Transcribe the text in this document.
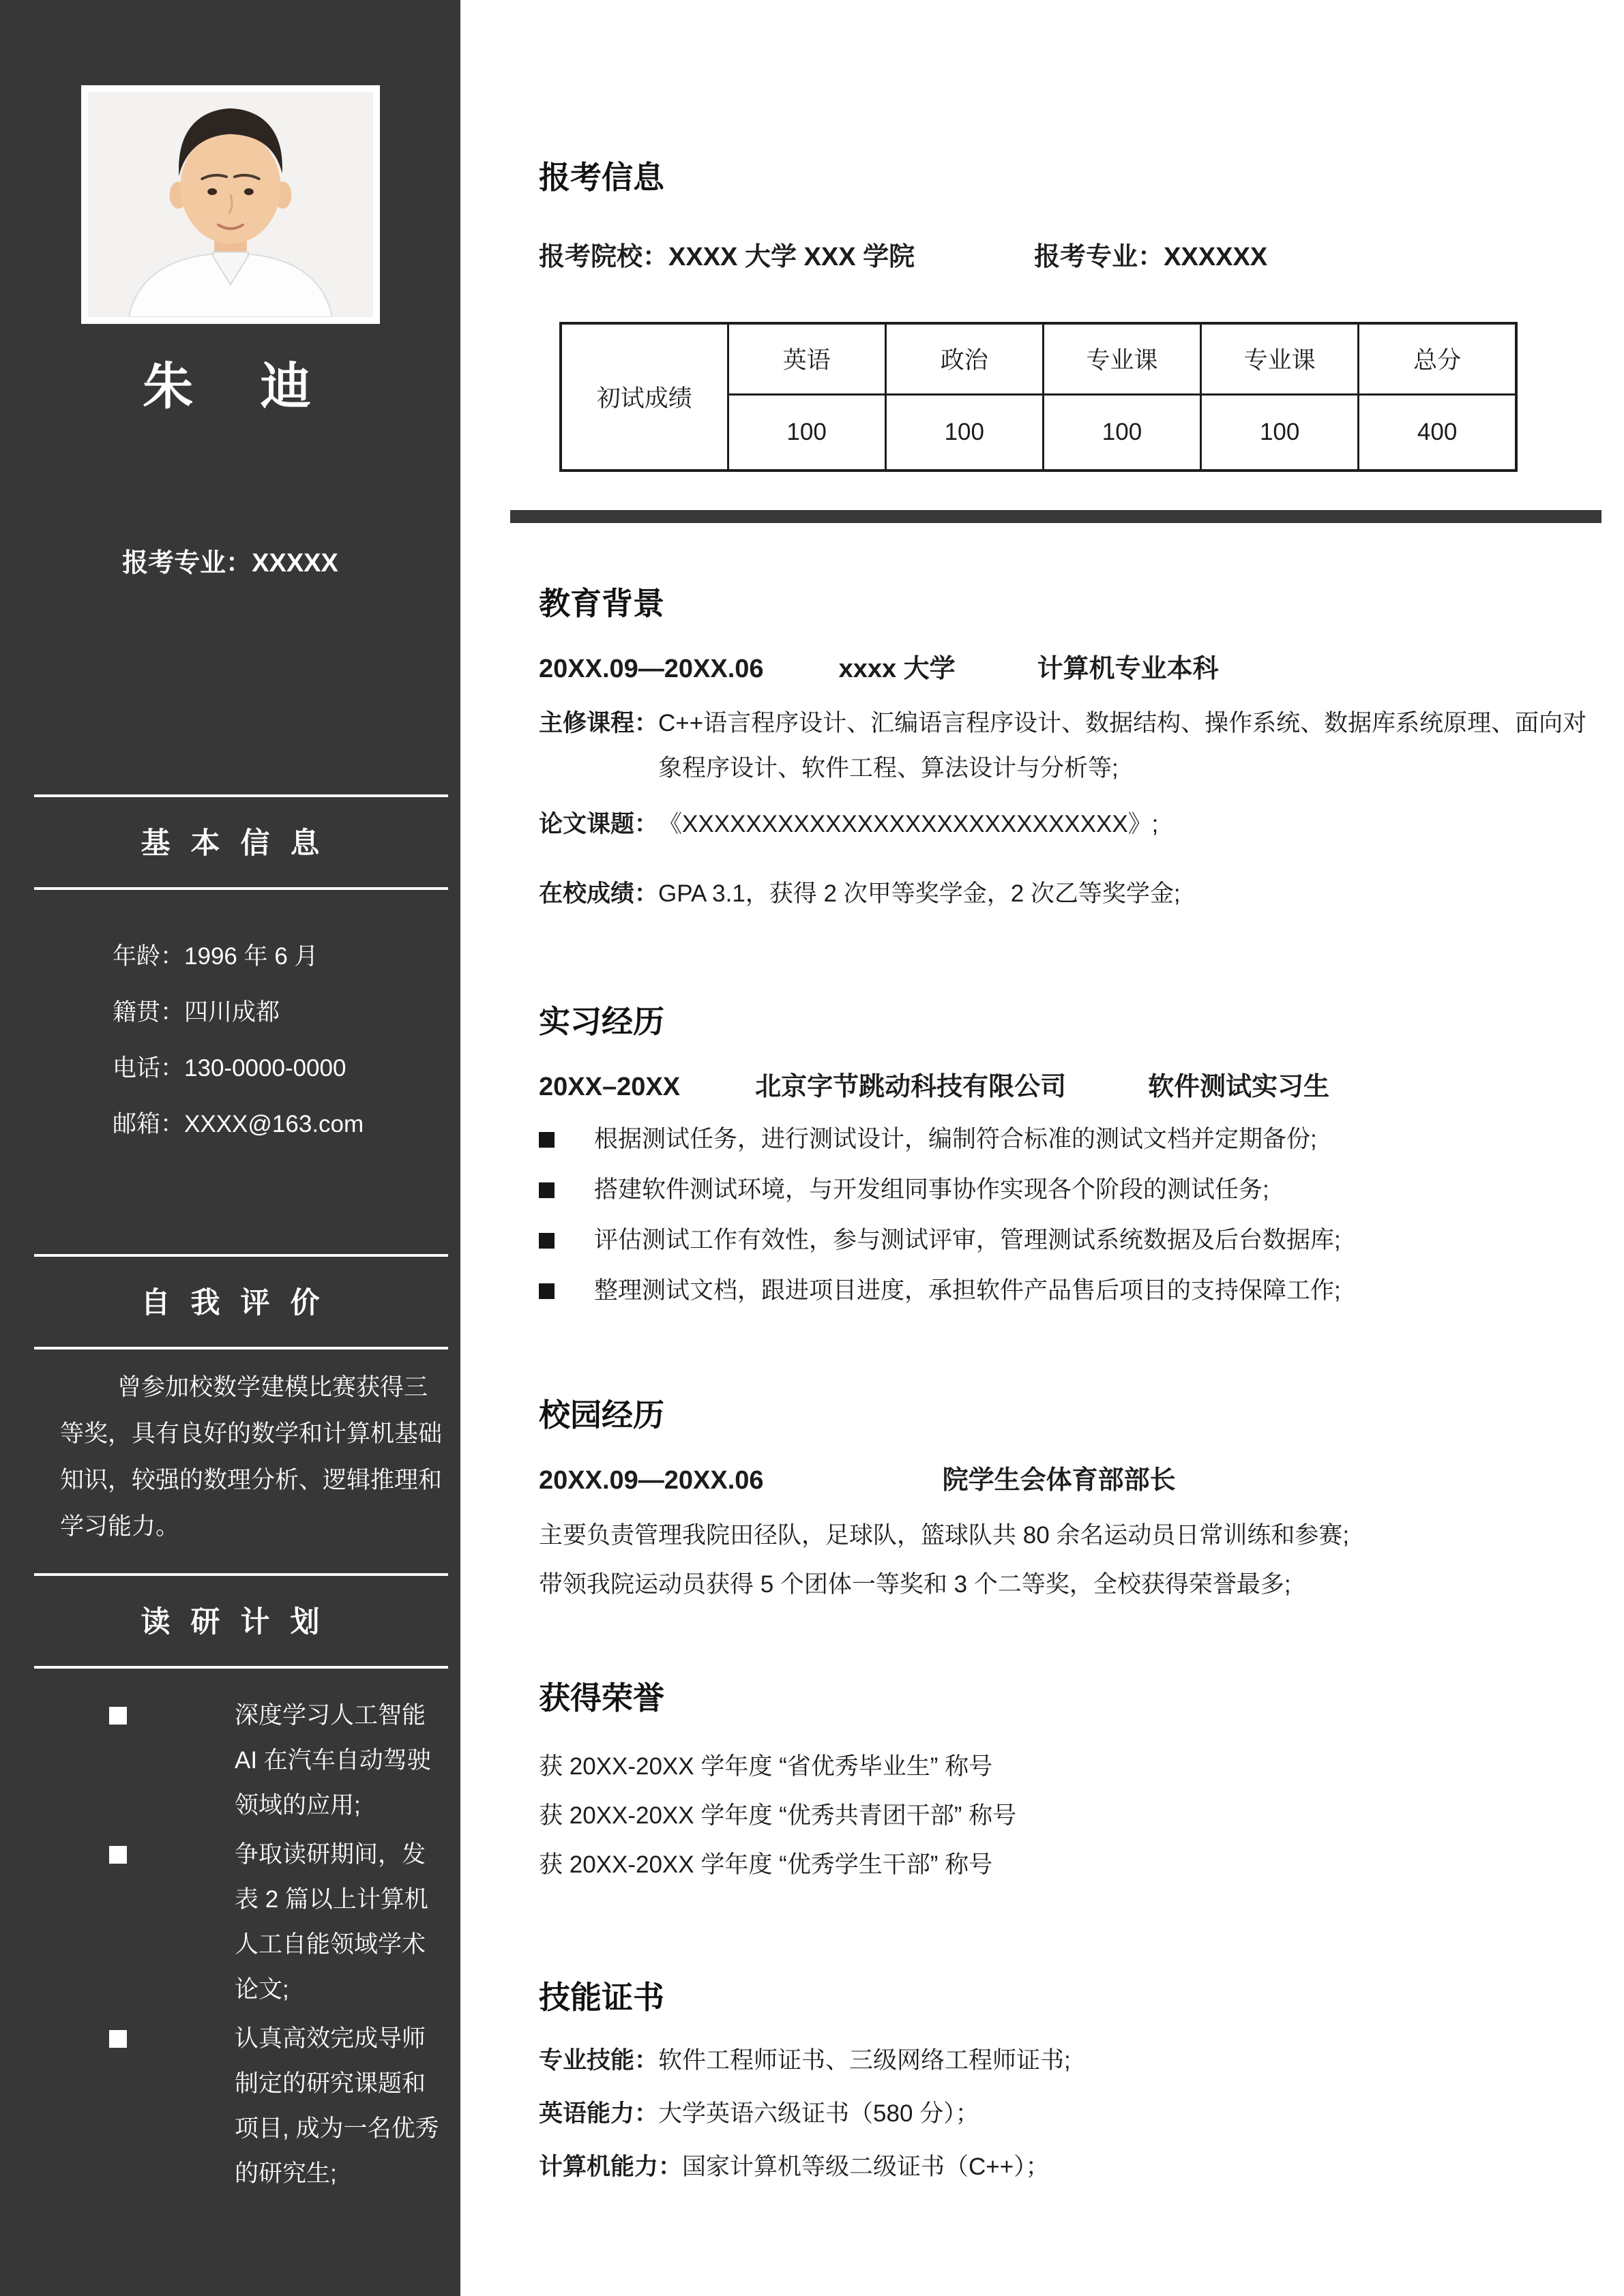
朱 迪
报考专业：XXXXX
基本信息
年龄：1996 年 6 月
籍贯：四川成都
电话：130-0000-0000
邮箱：XXXX@163.com
自我评价

曾参加校数学建模比赛获得三等奖，具有良好的数学和计算机基础知识，较强的数理分析、逻辑推理和学习能力。

读研计划
深度学习人工智能 AI 在汽车自动驾驶领域的应用;
争取读研期间，发表 2 篇以上计算机人工自能领域学术论文;
认真高效完成导师制定的研究课题和项目, 成为一名优秀的研究生;
报考信息
报考院校：XXXX 大学 XXX 学院	报考专业：XXXXXX
初试成绩	英语	政治	专业课	专业课	总分
	100	100	100	100	400
教育背景
20XX.09—20XX.06	xxxx 大学	计算机专业本科
主修课程： C++语言程序设计、汇编语言程序设计、数据结构、操作系统、数据库系统原理、面向对象程序设计、软件工程、算法设计与分析等;
论文课题： 《XXXXXXXXXXXXXXXXXXXXXXXXXXXX》;
在校成绩： GPA 3.1，获得 2 次甲等奖学金，2 次乙等奖学金;
实习经历
20XX–20XX	北京字节跳动科技有限公司	软件测试实习生
根据测试任务，进行测试设计，编制符合标准的测试文档并定期备份;
搭建软件测试环境，与开发组同事协作实现各个阶段的测试任务;
评估测试工作有效性，参与测试评审，管理测试系统数据及后台数据库;
整理测试文档，跟进项目进度，承担软件产品售后项目的支持保障工作;
校园经历
20XX.09—20XX.06	院学生会体育部部长
主要负责管理我院田径队，足球队，篮球队共 80 余名运动员日常训练和参赛;
带领我院运动员获得 5 个团体一等奖和 3 个二等奖，全校获得荣誉最多;
获得荣誉
获 20XX-20XX 学年度 “省优秀毕业生” 称号
获 20XX-20XX 学年度 “优秀共青团干部” 称号
获 20XX-20XX 学年度 “优秀学生干部” 称号
技能证书
专业技能： 软件工程师证书、三级网络工程师证书;
英语能力： 大学英语六级证书（580 分）；
计算机能力： 国家计算机等级二级证书（C++）；
